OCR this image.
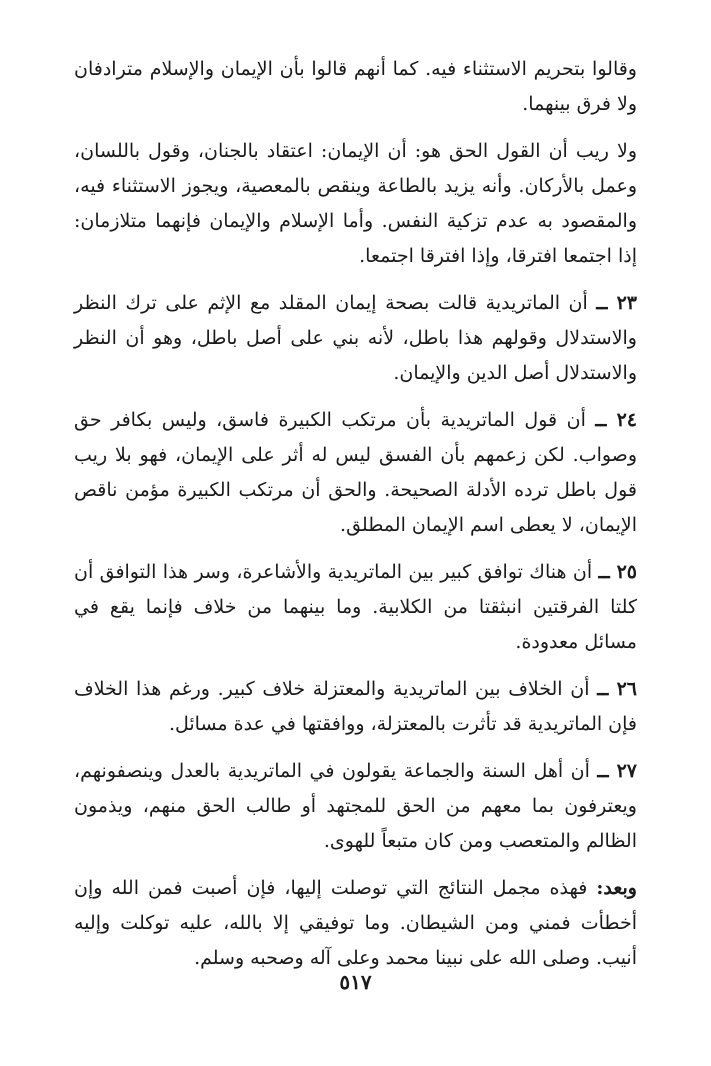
وقالوا بتحريم الاستثناء فيه. كما أنهم قالوا بأن الإيمان والإسلام مترادفان ولا فرق بينهما.

ولا ريب أن القول الحق هو: أن الإيمان: اعتقاد بالجنان، وقول باللسان، وعمل بالأركان. وأنه يزيد بالطاعة وينقص بالمعصية، ويجوز الاستثناء فيه، والمقصود به عدم تزكية النفس. وأما الإسلام والإيمان فإنهما متلازمان: إذا اجتمعا افترقا، وإذا افترقا اجتمعا.

٢٣ ــ أن الماتريدية قالت بصحة إيمان المقلد مع الإثم على ترك النظر والاستدلال وقولهم هذا باطل، لأنه بني على أصل باطل، وهو أن النظر والاستدلال أصل الدين والإيمان.

٢٤ ــ أن قول الماتريدية بأن مرتكب الكبيرة فاسق، وليس بكافر حق وصواب. لكن زعمهم بأن الفسق ليس له أثر على الإيمان، فهو بلا ريب قول باطل ترده الأدلة الصحيحة. والحق أن مرتكب الكبيرة مؤمن ناقص الإيمان، لا يعطى اسم الإيمان المطلق.

٢٥ ــ أن هناك توافق كبير بين الماتريدية والأشاعرة، وسر هذا التوافق أن كلتا الفرقتين انبثقتا من الكلابية. وما بينهما من خلاف فإنما يقع في مسائل معدودة.

٢٦ ــ أن الخلاف بين الماتريدية والمعتزلة خلاف كبير. ورغم هذا الخلاف فإن الماتريدية قد تأثرت بالمعتزلة، ووافقتها في عدة مسائل.

٢٧ ــ أن أهل السنة والجماعة يقولون في الماتريدية بالعدل وينصفونهم، ويعترفون بما معهم من الحق للمجتهد أو طالب الحق منهم، ويذمون الظالم والمتعصب ومن كان متبعاً للهوى.

وبعد: فهذه مجمل النتائج التي توصلت إليها، فإن أصبت فمن الله وإن أخطأت فمني ومن الشيطان. وما توفيقي إلا بالله، عليه توكلت وإليه أنيب. وصلى الله على نبينا محمد وعلى آله وصحبه وسلم.

٥١٧
